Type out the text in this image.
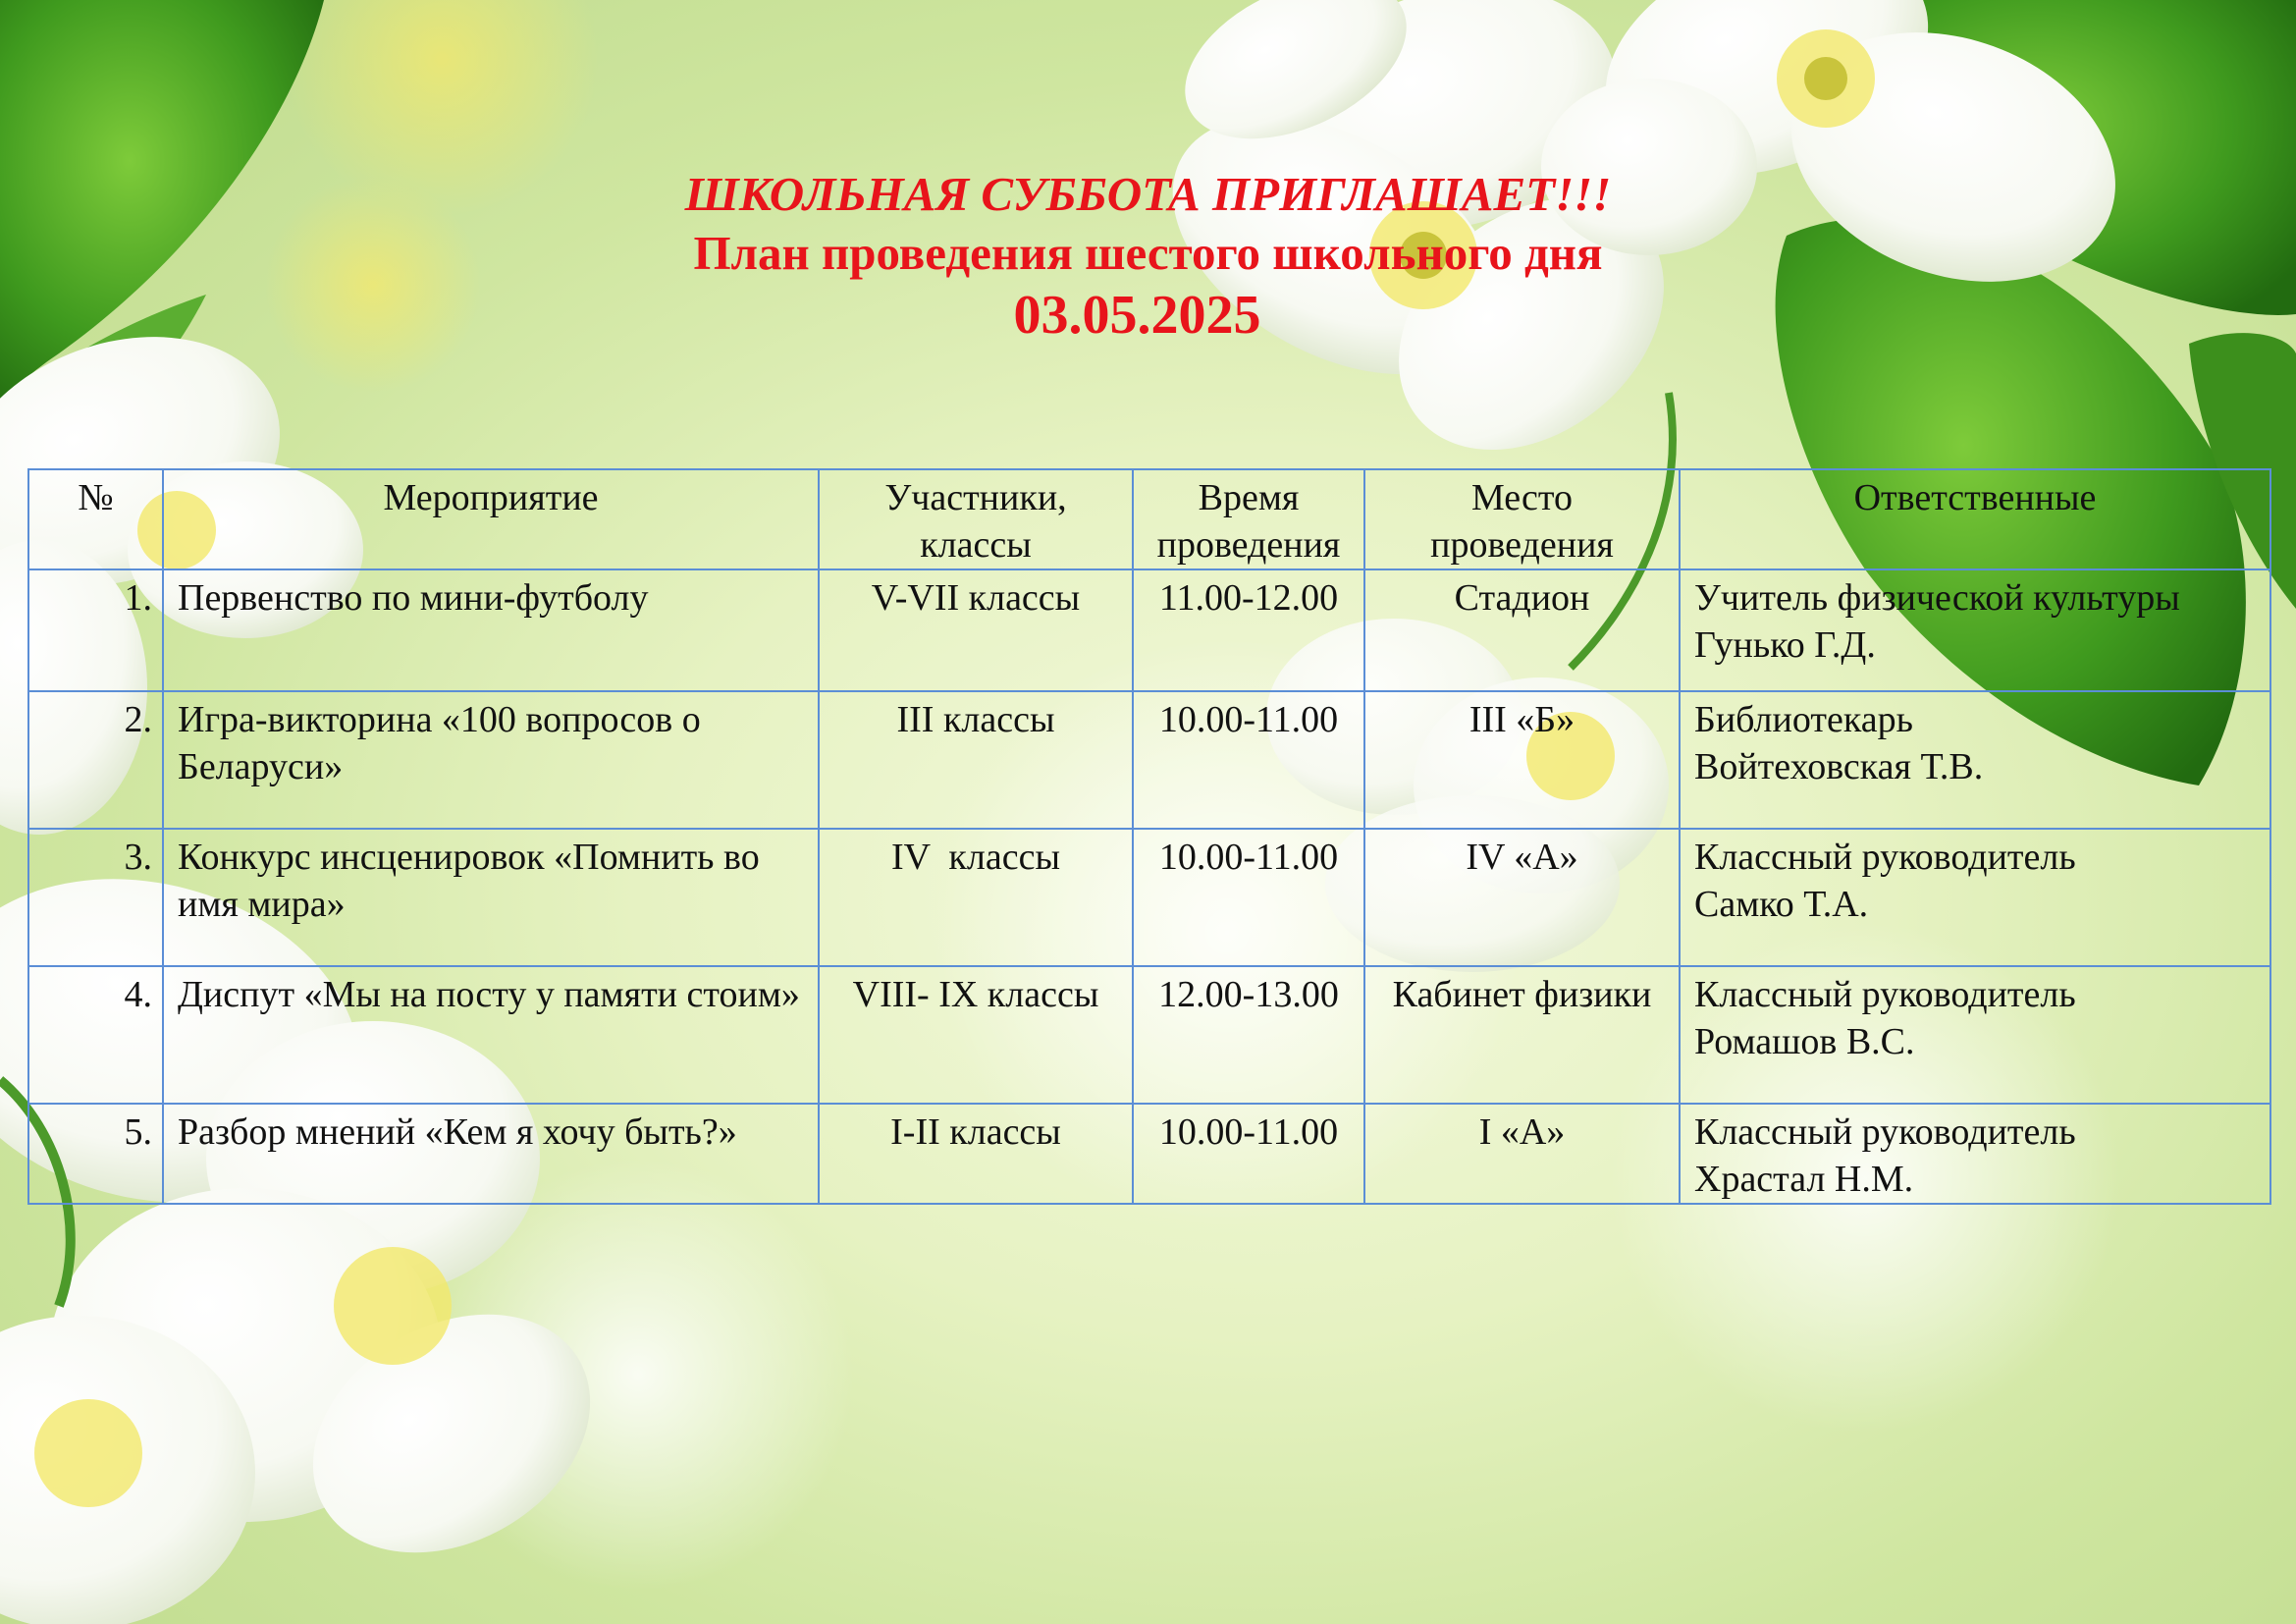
ШКОЛЬНАЯ СУББОТА ПРИГЛАШАЕТ!!!
План проведения шестого школьного дня
03.05.2025
№	Мероприятие	Участники, классы	Время проведения	Место проведения	Ответственные
1.	Первенство по мини-футболу	V-VII классы	11.00-12.00	Стадион	Учитель физической культуры
Гунько Г.Д.

2.	Игра-викторина «100 вопросов о Беларуси»	III классы	10.00-11.00	III «Б»	Библиотекарь
Войтеховская Т.В.

3.	Конкурс инсценировок «Помнить во имя мира»	IV  классы	10.00-11.00	IV «А»	Классный руководитель
Самко Т.А.

4.	Диспут «Мы на посту у памяти стоим»	VIII- IX классы	12.00-13.00	Кабинет физики	Классный руководитель
Ромашов В.С.

5.	Разбор мнений «Кем я хочу быть?»	I-II классы	10.00-11.00	I «А»	Классный руководитель
Храстал Н.М.
